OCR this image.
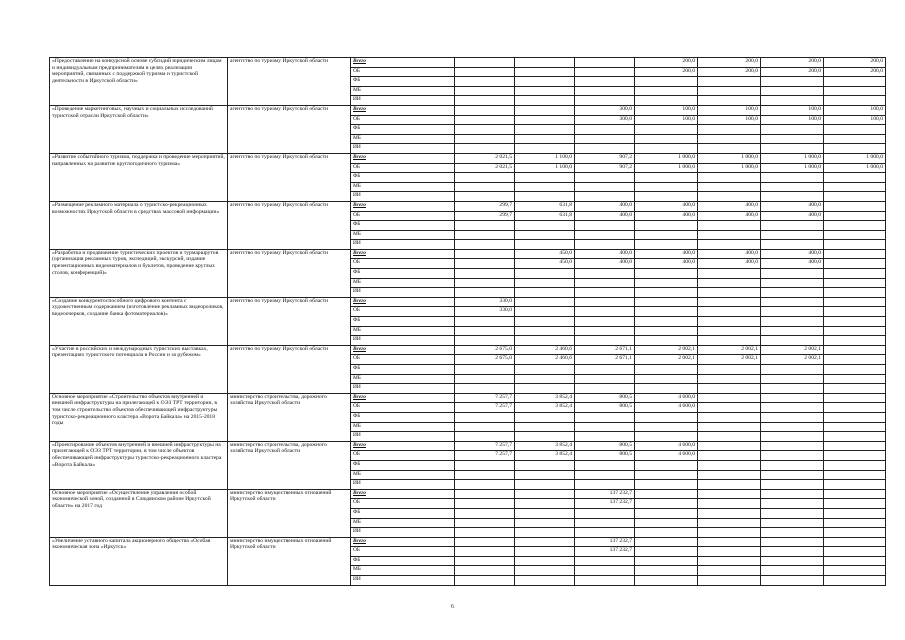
«Предоставление на конкурсной основе субсидий юридическим лицам и индивидуальным предпринимателям в целях реализации мероприятий, связанных с поддержкой туризма и туристской деятельности в Иркутской области»	агентство по туризму Иркутской области	Всего				200,0	200,0	200,0	200,0
		ОБ				200,0	200,0	200,0	200,0
		ФБ							
		МБ							
		ИИ							
«Проведение маркетинговых, научных и социальных исследований туристской отрасли Иркутской области»	агентство по туризму Иркутской области	Всего			300,0	100,0	100,0	100,0	100,0
		ОБ			300,0	100,0	100,0	100,0	100,0
		ФБ							
		МБ							
		ИИ							
«Развитие событийного туризма, поддержка и проведение мероприятий, направленных на развитие круглогодичного туризма»	агентство по туризму Иркутской области	Всего	2 021,5	1 100,0	907,2	1 000,0	1 000,0	1 000,0	1 000,0
		ОБ	2 021,5	1 100,0	907,2	1 000,0	1 000,0	1 000,0	1 000,0
		ФБ							
		МБ							
		ИИ							
«Размещение рекламного материала о туристско-рекреационных возможностях Иркутской области в средствах массовой информации»	агентство по туризму Иркутской области	Всего	299,7	631,8	400,0	400,0	400,0	400,0	
		ОБ	299,7	631,8	400,0	400,0	400,0	400,0	
		ФБ							
		МБ							
		ИИ							
«Разработка и продвижение туристических проектов и турмаршрутов (организация рекламных туров, экспедиций, экскурсий, издание презентационных видеоматериалов и буклетов, проведение круглых столов, конференций)»	агентство по туризму Иркутской области	Всего		450,0	400,0	400,0	400,0	400,0	
		ОБ		450,0	400,0	400,0	400,0	400,0	
		ФБ							
		МБ							
		ИИ							
«Создание конкурентоспособного цифрового контента с художественным содержанием (изготовление рекламных видеороликов, видеоочерков, создание банка фотоматериалов)»	агентство по туризму Иркутской области	Всего	330,0						
		ОБ	330,0						
		ФБ							
		МБ							
		ИИ							
«Участие в российских и международных туристских выставках, презентациях туристского потенциала в России и за рубежом»	агентство по туризму Иркутской области	Всего	2 675,0	2 460,6	2 671,1	2 002,1	2 002,1	2 002,1	
		ОБ	2 675,0	2 460,6	2 671,1	2 002,1	2 002,1	2 002,1	
		ФБ							
		МБ							
		ИИ							
Основное мероприятие «Строительство объектов внутренней и внешней инфраструктуры на прилегающей к ОЭЗ ТРТ территории, в том числе строительство объектов обеспечивающей инфраструктуры туристско-рекреационного кластера «Ворота Байкала» на 2015-2018 годы	министерство строительства, дорожного хозяйства Иркутской области	Всего	7 257,7	3 852,4	800,5	4 600,0			
		ОБ	7 257,7	3 852,4	800,5	4 600,0			
		ФБ							
		МБ							
		ИИ							
«Проектирование объектов внутренней и внешней инфраструктуры на прилегающей к ОЭЗ ТРТ территории, в том числе объектов обеспечивающей инфраструктуры туристско-рекреационного кластера «Ворота Байкала»	министерство строительства, дорожного хозяйства Иркутской области	Всего	7 257,7	3 852,4	800,5	4 600,0			
		ОБ	7 257,7	3 852,4	800,5	4 600,0			
		ФБ							
		МБ							
		ИИ							
Основное мероприятие «Осуществление управления особой экономической зоной, созданной в Слюдянском районе Иркутской области» на 2017 год	министерство имущественных отношений Иркутской области	Всего			137 232,7				
		ОБ			137 232,7				
		ФБ							
		МБ							
		ИИ							
«Увеличение уставного капитала акционерного общества «Особая экономическая зона «Иркутск»	министерство имущественных отношений Иркутской области	Всего			137 232,7				
		ОБ			137 232,7				
		ФБ							
		МБ							
		ИИ							
6
